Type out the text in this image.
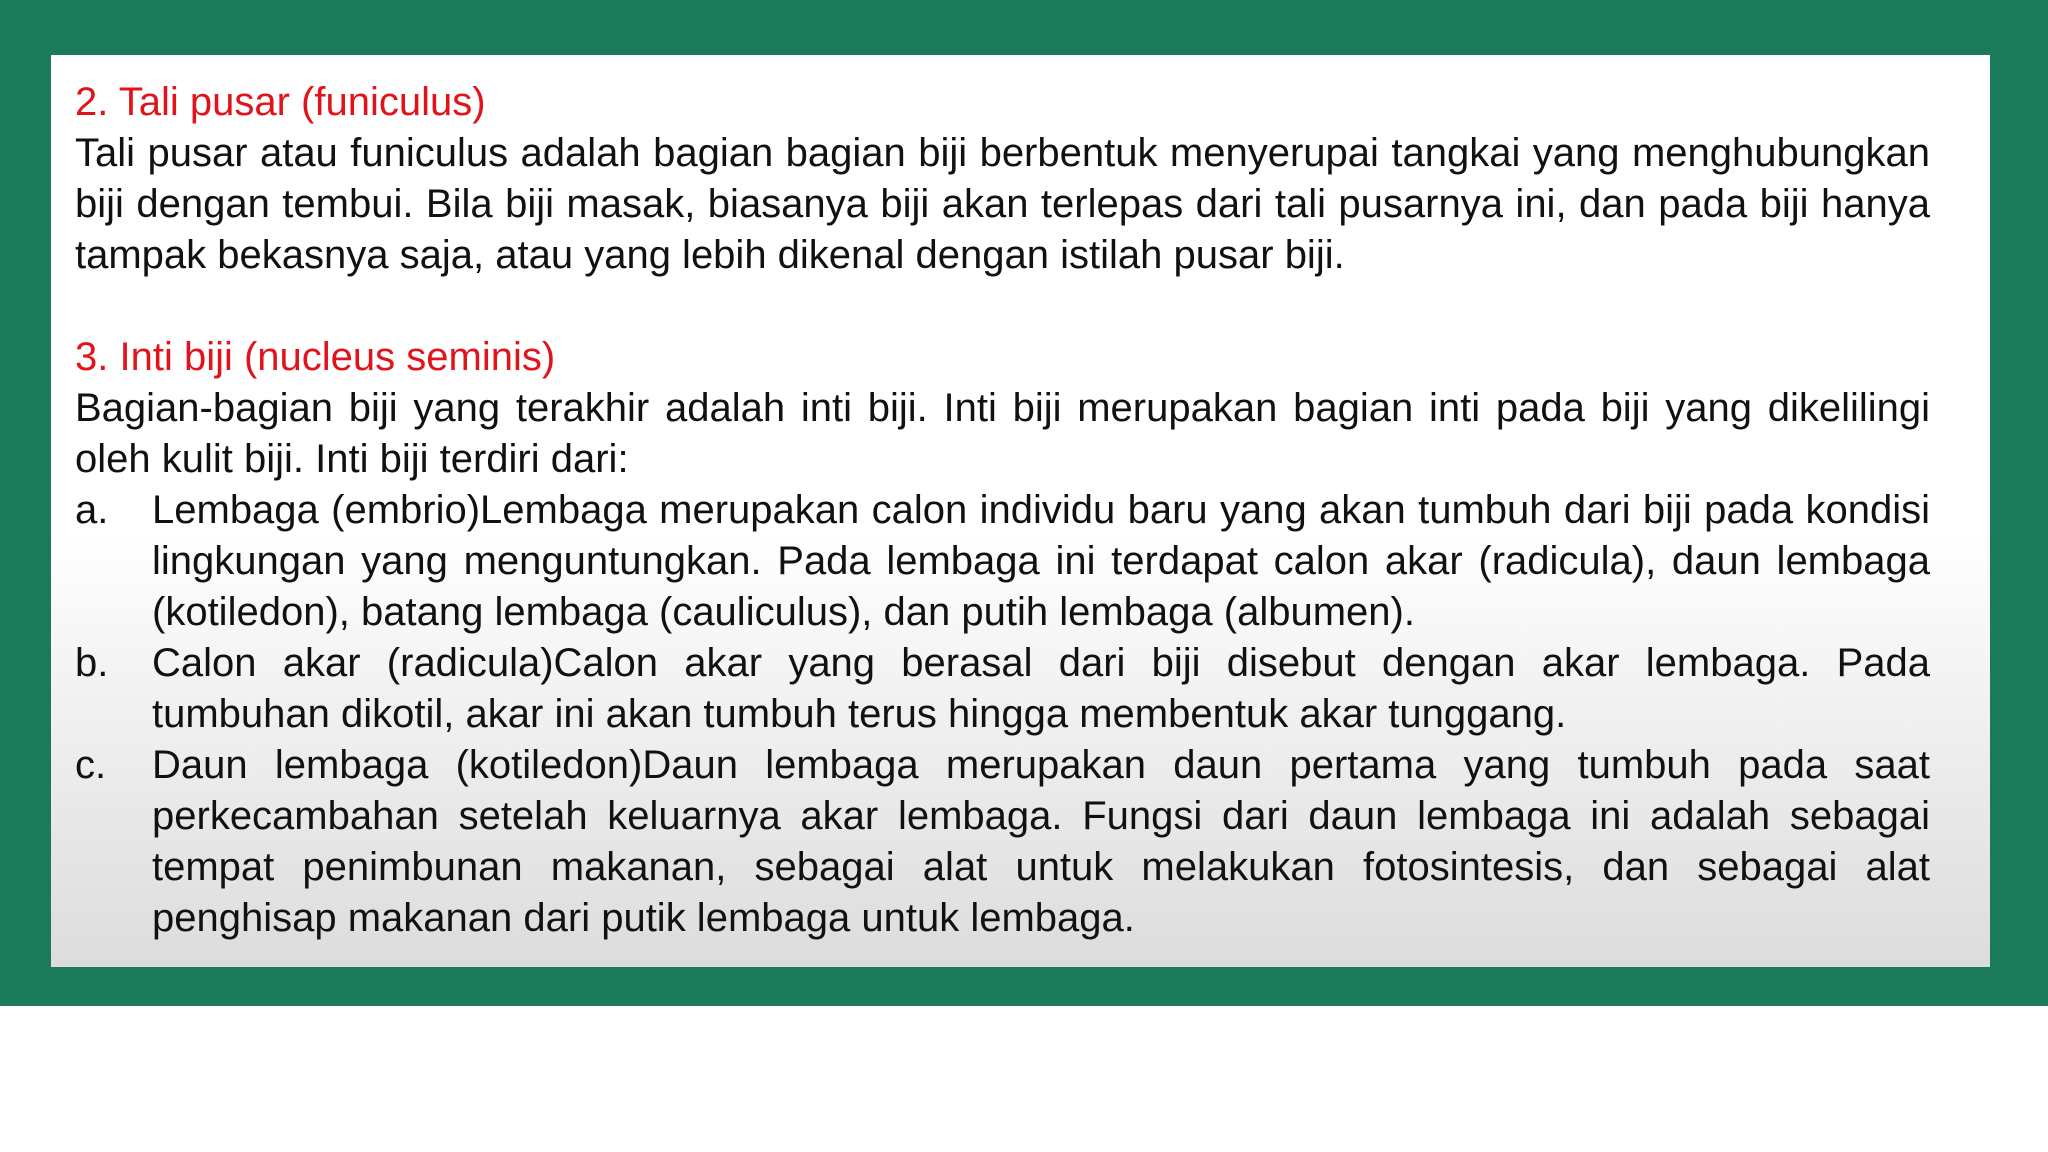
2. Tali pusar (funiculus)

Tali pusar atau funiculus adalah bagian bagian biji berbentuk menyerupai tangkai yang menghubungkan biji dengan tembui. Bila biji masak, biasanya biji akan terlepas dari tali pusarnya ini, dan pada biji hanya tampak bekasnya saja, atau yang lebih dikenal dengan istilah pusar biji.

3. Inti biji (nucleus seminis)

Bagian-bagian biji yang terakhir adalah inti biji. Inti biji merupakan bagian inti pada biji yang dikelilingi oleh kulit biji. Inti biji terdiri dari:

a.	Lembaga (embrio)Lembaga merupakan calon individu baru yang akan tumbuh dari biji pada kondisi lingkungan yang menguntungkan. Pada lembaga ini terdapat calon akar (radicula), daun lembaga (kotiledon), batang lembaga (cauliculus), dan putih lembaga (albumen).
b.	Calon akar (radicula)Calon akar yang berasal dari biji disebut dengan akar lembaga. Pada tumbuhan dikotil, akar ini akan tumbuh terus hingga membentuk akar tunggang.
c.	Daun lembaga (kotiledon)Daun lembaga merupakan daun pertama yang tumbuh pada saat perkecambahan setelah keluarnya akar lembaga. Fungsi dari daun lembaga ini adalah sebagai tempat penimbunan makanan, sebagai alat untuk melakukan fotosintesis, dan sebagai alat penghisap makanan dari putik lembaga untuk lembaga.
